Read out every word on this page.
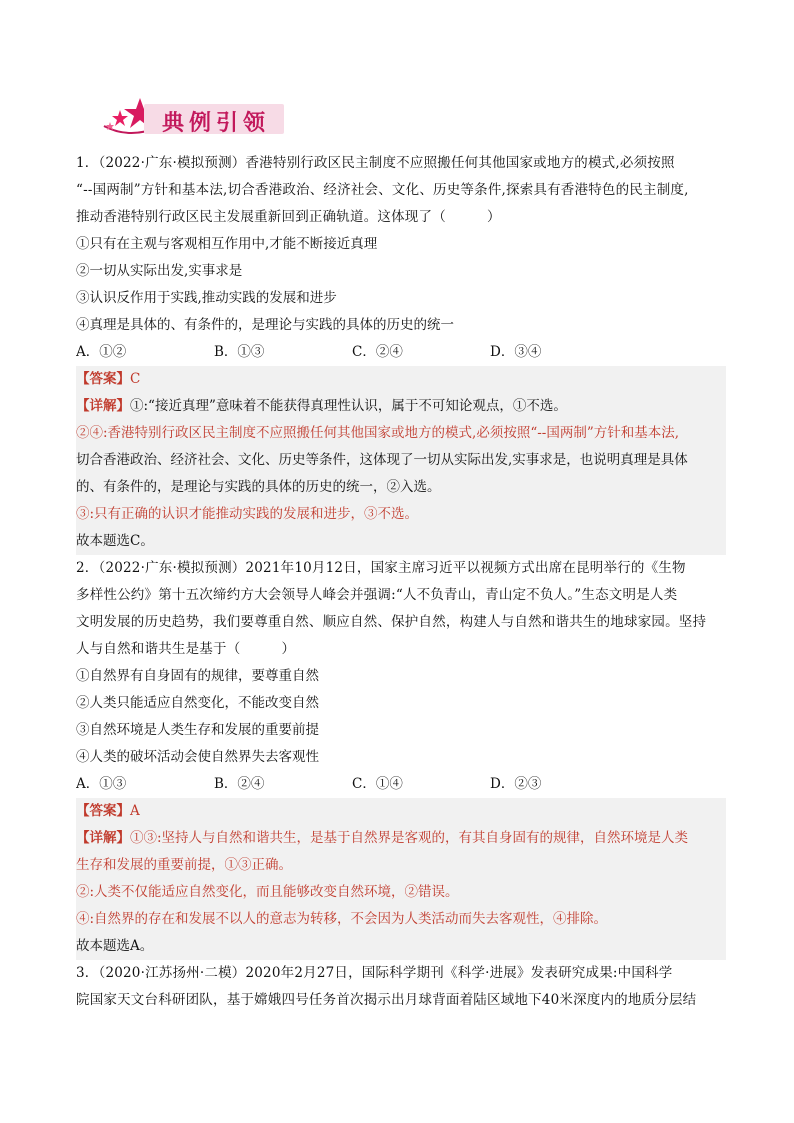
典例引领
1．（2022·广东·模拟预测）香港特别行政区民主制度不应照搬任何其他国家或地方的模式,必须按照
“--国两制”方针和基本法,切合香港政治、经济社会、文化、历史等条件,探索具有香港特色的民主制度,
推动香港特别行政区民主发展重新回到正确轨道。这体现了（　　　）
①只有在主观与客观相互作用中,才能不断接近真理
②一切从实际出发,实事求是
③认识反作用于实践,推动实践的发展和进步
④真理是具体的、有条件的，是理论与实践的具体的历史的统一
A．①②	B．①③	C．②④	D．③④
【答案】C
【详解】①:“接近真理”意味着不能获得真理性认识，属于不可知论观点，①不选。
②④:香港特别行政区民主制度不应照搬任何其他国家或地方的模式,必须按照“--国两制”方针和基本法,
切合香港政治、经济社会、文化、历史等条件，这体现了一切从实际出发,实事求是，也说明真理是具体
的、有条件的，是理论与实践的具体的历史的统一，②入选。
③:只有正确的认识才能推动实践的发展和进步，③不选。
故本题选C。
2．（2022·广东·模拟预测）2021年10月12日，国家主席习近平以视频方式出席在昆明举行的《生物
多样性公约》第十五次缔约方大会领导人峰会并强调:“人不负青山，青山定不负人。”生态文明是人类
文明发展的历史趋势，我们要尊重自然、顺应自然、保护自然，构建人与自然和谐共生的地球家园。坚持
人与自然和谐共生是基于（　　　）
①自然界有自身固有的规律，要尊重自然
②人类只能适应自然变化，不能改变自然
③自然环境是人类生存和发展的重要前提
④人类的破坏活动会使自然界失去客观性
A．①③	B．②④	C．①④	D．②③
【答案】A
【详解】①③:坚持人与自然和谐共生，是基于自然界是客观的，有其自身固有的规律，自然环境是人类
生存和发展的重要前提，①③正确。
②:人类不仅能适应自然变化，而且能够改变自然环境，②错误。
④:自然界的存在和发展不以人的意志为转移，不会因为人类活动而失去客观性，④排除。
故本题选A。
3．（2020·江苏扬州·二模）2020年2月27日，国际科学期刊《科学·进展》发表研究成果:中国科学
院国家天文台科研团队，基于嫦娥四号任务首次揭示出月球背面着陆区域地下40米深度内的地质分层结
